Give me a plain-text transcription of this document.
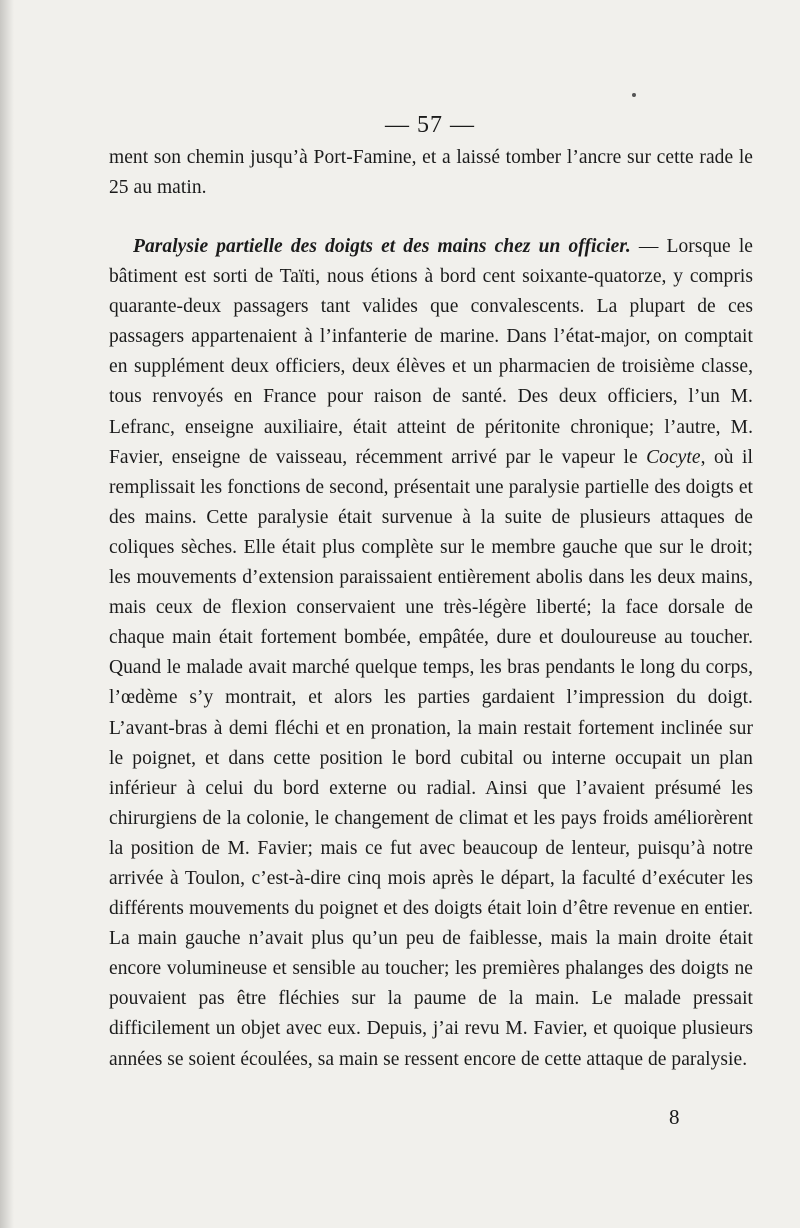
— 57 —
ment son chemin jusqu’à Port-Famine, et a laissé tomber l’ancre sur cette rade le 25 au matin.
Paralysie partielle des doigts et des mains chez un officier. — Lorsque le bâtiment est sorti de Taïti, nous étions à bord cent soixante-quatorze, y compris quarante-deux passagers tant valides que convalescents. La plupart de ces passagers appartenaient à l’infanterie de marine. Dans l’état-major, on comptait en supplément deux officiers, deux élèves et un pharmacien de troisième classe, tous renvoyés en France pour raison de santé. Des deux officiers, l’un M. Lefranc, enseigne auxiliaire, était atteint de péritonite chronique; l’autre, M. Favier, enseigne de vaisseau, récemment arrivé par le vapeur le Cocyte, où il remplissait les fonctions de second, présentait une paralysie partielle des doigts et des mains. Cette paralysie était survenue à la suite de plusieurs attaques de coliques sèches. Elle était plus complète sur le membre gauche que sur le droit; les mouvements d’extension paraissaient entièrement abolis dans les deux mains, mais ceux de flexion conservaient une très-légère liberté; la face dorsale de chaque main était fortement bombée, empâtée, dure et douloureuse au toucher. Quand le malade avait marché quelque temps, les bras pendants le long du corps, l’œdème s’y montrait, et alors les parties gardaient l’impression du doigt. L’avant-bras à demi fléchi et en pronation, la main restait fortement inclinée sur le poignet, et dans cette position le bord cubital ou interne occupait un plan inférieur à celui du bord externe ou radial. Ainsi que l’avaient présumé les chirurgiens de la colonie, le changement de climat et les pays froids améliorèrent la position de M. Favier; mais ce fut avec beaucoup de lenteur, puisqu’à notre arrivée à Toulon, c’est-à-dire cinq mois après le départ, la faculté d’exécuter les différents mouvements du poignet et des doigts était loin d’être revenue en entier. La main gauche n’avait plus qu’un peu de faiblesse, mais la main droite était encore volumineuse et sensible au toucher; les premières phalanges des doigts ne pouvaient pas être fléchies sur la paume de la main. Le malade pressait difficilement un objet avec eux. Depuis, j’ai revu M. Favier, et quoique plusieurs années se soient écoulées, sa main se ressent encore de cette attaque de paralysie.
8
